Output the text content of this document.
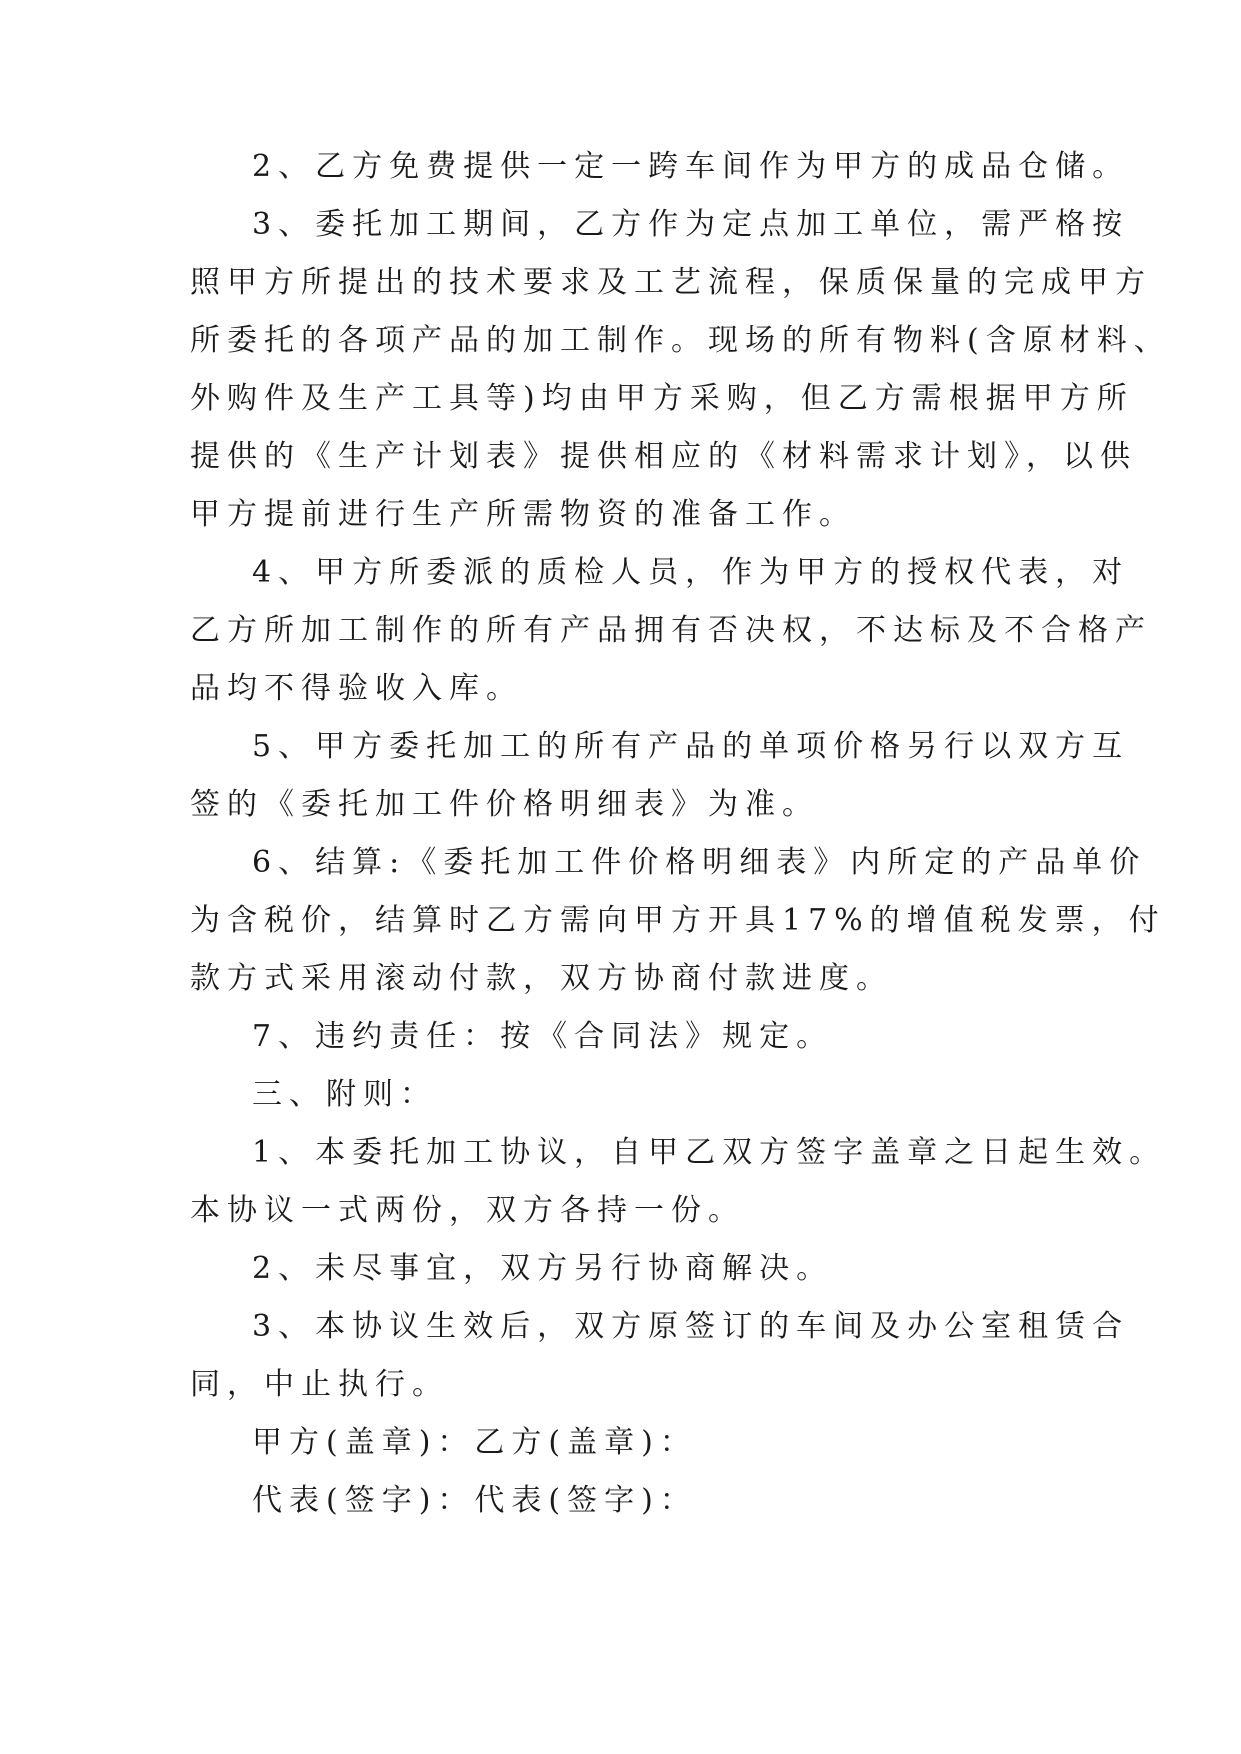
2、乙方免费提供一定一跨车间作为甲方的成品仓储。
3、委托加工期间，乙方作为定点加工单位，需严格按
照甲方所提出的技术要求及工艺流程，保质保量的完成甲方
所委托的各项产品的加工制作。现场的所有物料(含原材料、
外购件及生产工具等)均由甲方采购，但乙方需根据甲方所
提供的《生产计划表》提供相应的《材料需求计划》，以供
甲方提前进行生产所需物资的准备工作。
4、甲方所委派的质检人员，作为甲方的授权代表，对
乙方所加工制作的所有产品拥有否决权，不达标及不合格产
品均不得验收入库。
5、甲方委托加工的所有产品的单项价格另行以双方互
签的《委托加工件价格明细表》为准。
6、结算:《委托加工件价格明细表》内所定的产品单价
为含税价，结算时乙方需向甲方开具17%的增值税发票，付
款方式采用滚动付款，双方协商付款进度。
7、违约责任：按《合同法》规定。
三、附则：
1、本委托加工协议，自甲乙双方签字盖章之日起生效。
本协议一式两份，双方各持一份。
2、未尽事宜，双方另行协商解决。
3、本协议生效后，双方原签订的车间及办公室租赁合
同，中止执行。
甲方(盖章)：乙方(盖章)：
代表(签字)：代表(签字)：
